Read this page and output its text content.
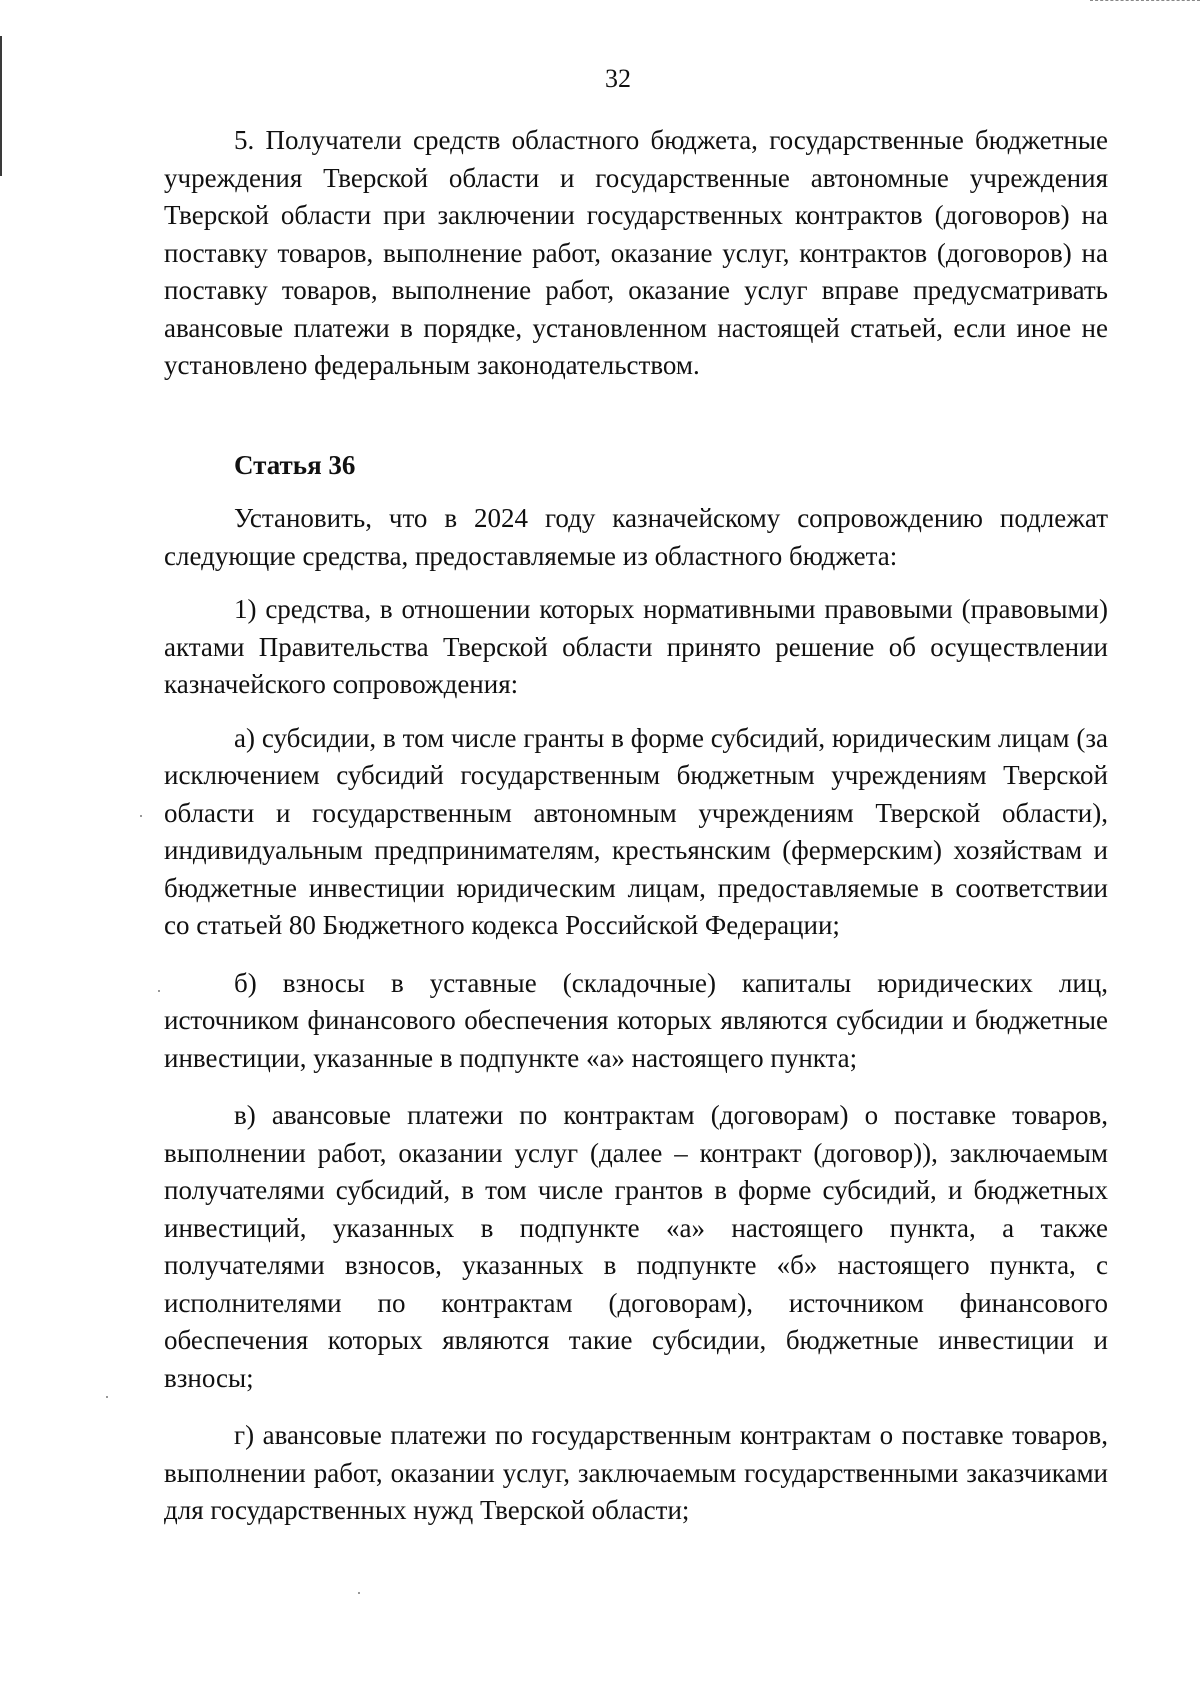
32

5. Получатели средств областного бюджета, государственные бюджетные учреждения Тверской области и государственные автономные учреждения Тверской области при заключении государственных контрактов (договоров) на поставку товаров, выполнение работ, оказание услуг, контрактов (договоров) на поставку товаров, выполнение работ, оказание услуг вправе предусматривать авансовые платежи в порядке, установленном настоящей статьей, если иное не установлено федеральным законодательством.

Статья 36

Установить, что в 2024 году казначейскому сопровождению подлежат следующие средства, предоставляемые из областного бюджета:

1) средства, в отношении которых нормативными правовыми (правовыми) актами Правительства Тверской области принято решение об осуществлении казначейского сопровождения:

а) субсидии, в том числе гранты в форме субсидий, юридическим лицам (за исключением субсидий государственным бюджетным учреждениям Тверской области и государственным автономным учреждениям Тверской области), индивидуальным предпринимателям, крестьянским (фермерским) хозяйствам и бюджетные инвестиции юридическим лицам, предоставляемые в соответствии со статьей 80 Бюджетного кодекса Российской Федерации;

б) взносы в уставные (складочные) капиталы юридических лиц, источником финансового обеспечения которых являются субсидии и бюджетные инвестиции, указанные в подпункте «а» настоящего пункта;

в) авансовые платежи по контрактам (договорам) о поставке товаров, выполнении работ, оказании услуг (далее – контракт (договор)), заключаемым получателями субсидий, в том числе грантов в форме субсидий, и бюджетных инвестиций, указанных в подпункте «а» настоящего пункта, а также получателями взносов, указанных в подпункте «б» настоящего пункта, с исполнителями по контрактам (договорам), источником финансового обеспечения которых являются такие субсидии, бюджетные инвестиции и взносы;

г) авансовые платежи по государственным контрактам о поставке товаров, выполнении работ, оказании услуг, заключаемым государственными заказчиками для государственных нужд Тверской области;
